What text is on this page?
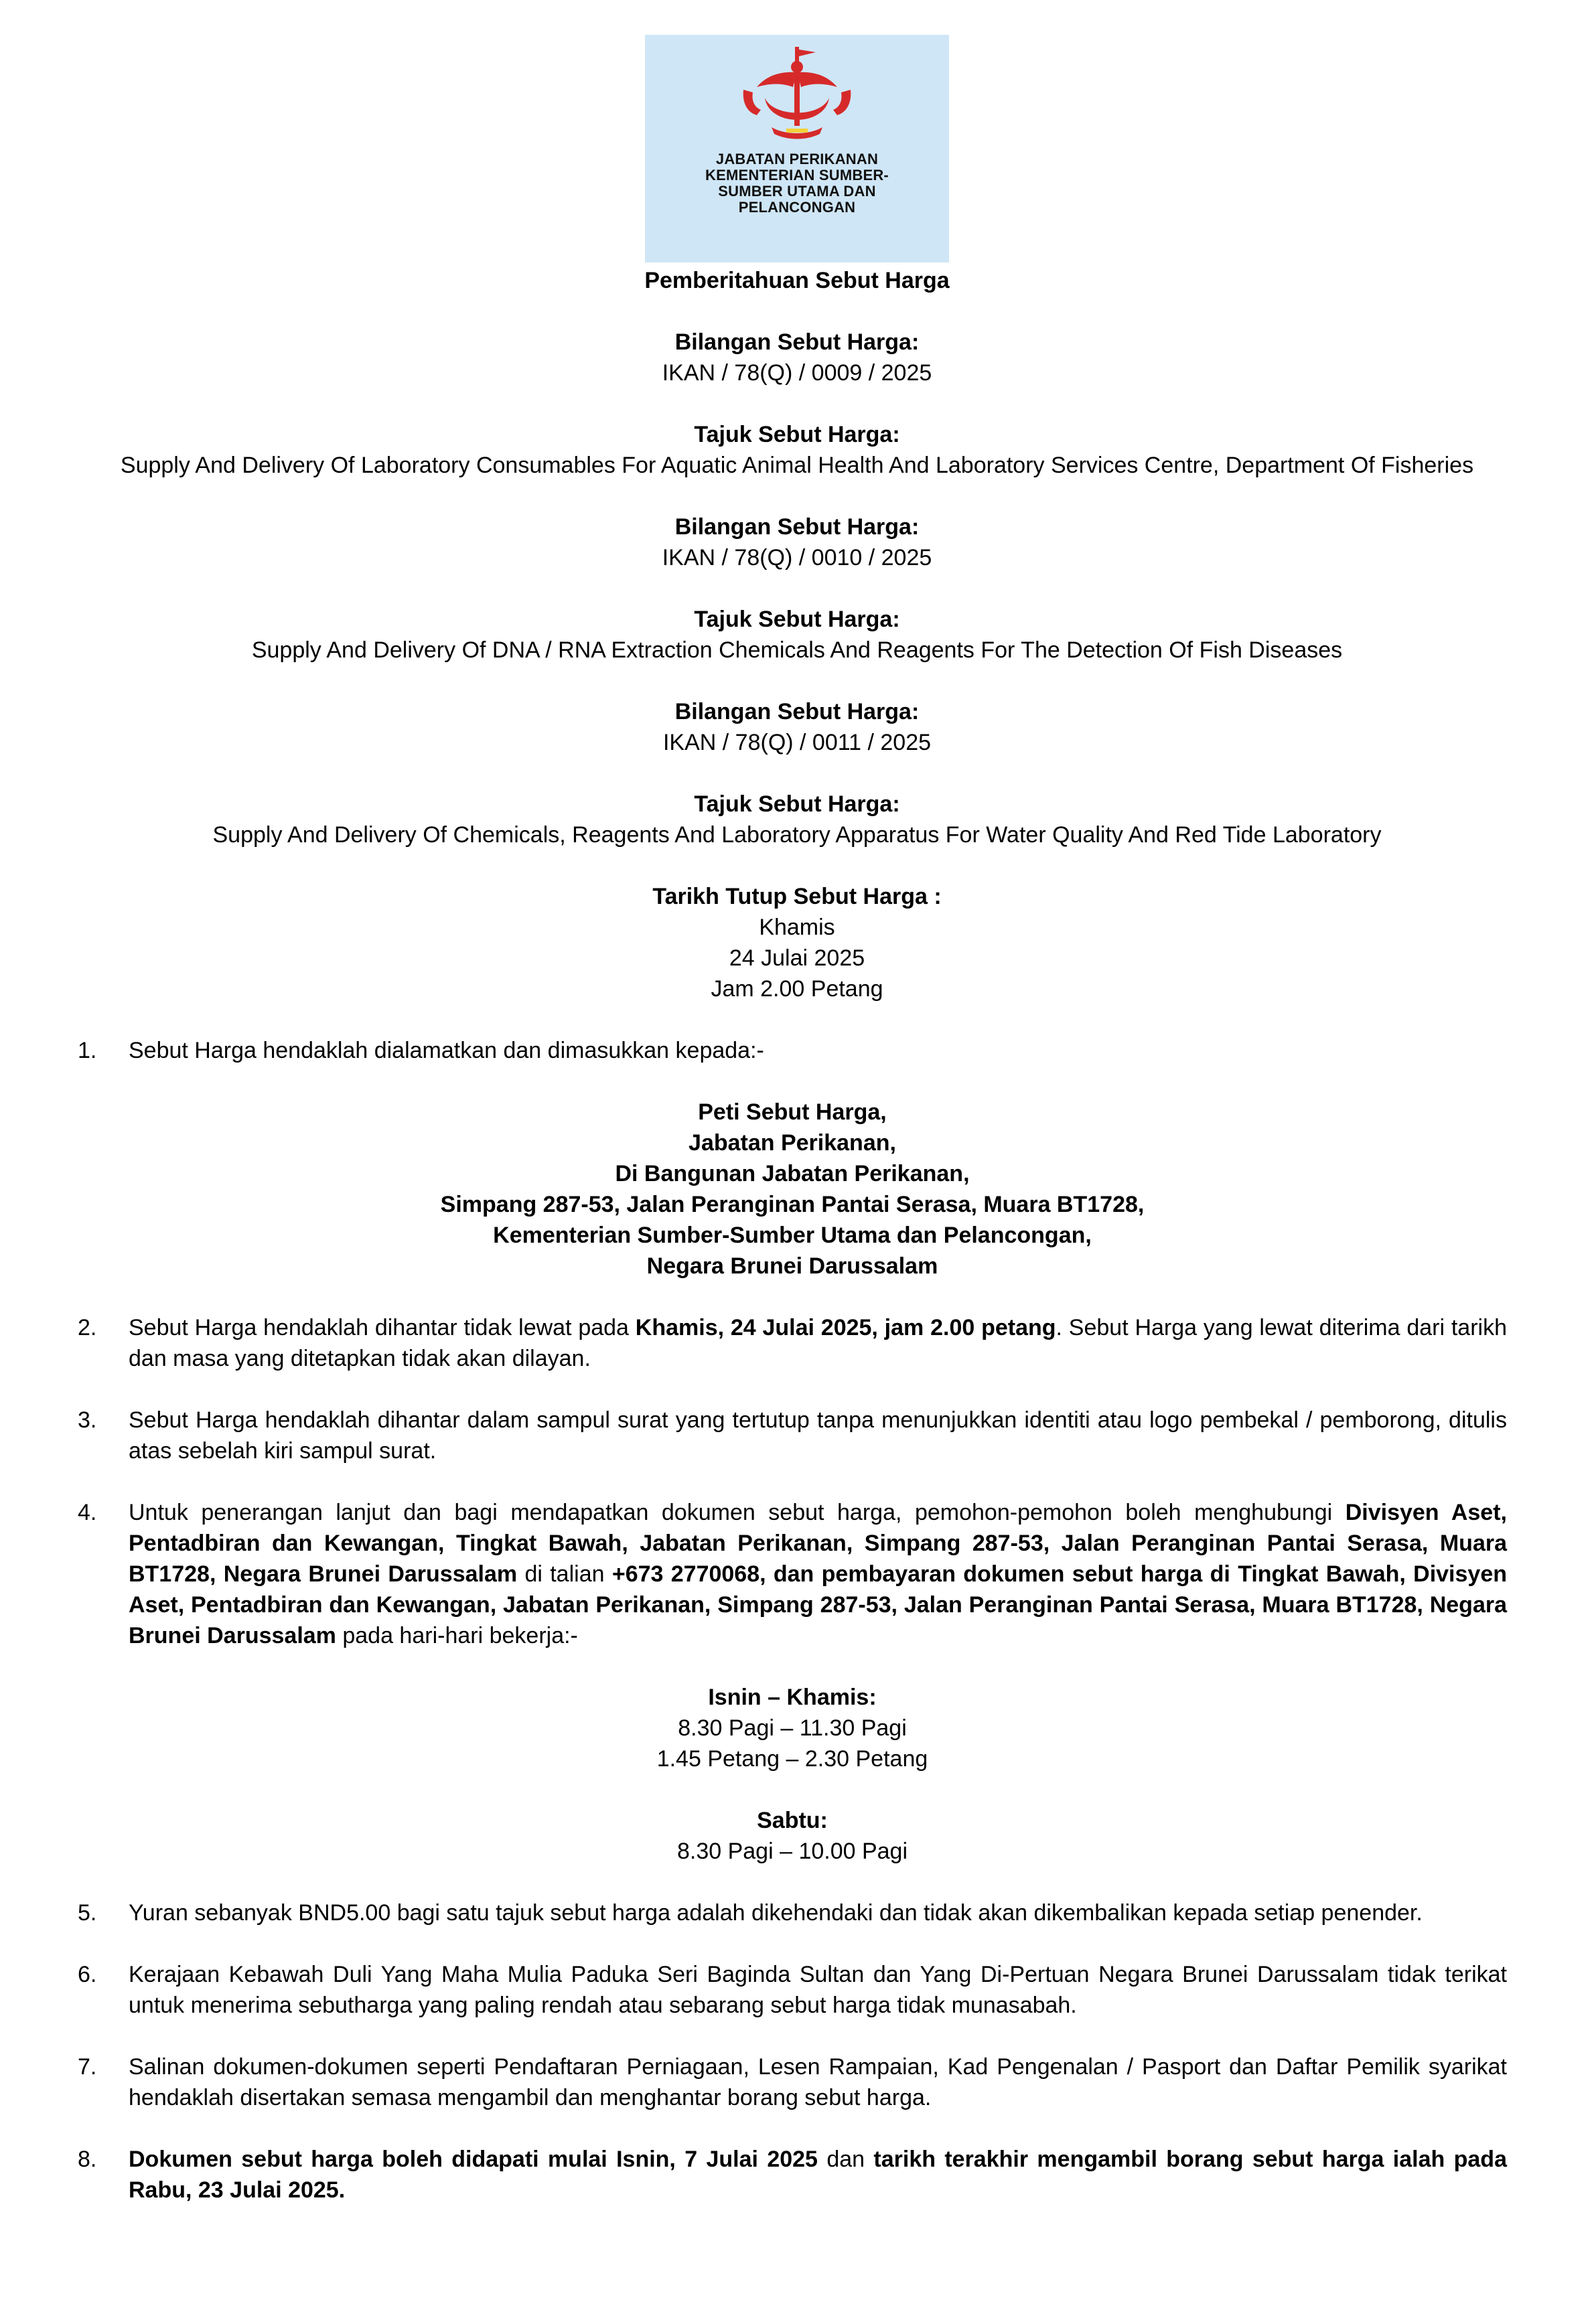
JABATAN PERIKANAN
KEMENTERIAN SUMBER-
SUMBER UTAMA DAN
PELANCONGAN
Pemberitahuan Sebut Harga
Bilangan Sebut Harga:
IKAN / 78(Q) / 0009 / 2025
Tajuk Sebut Harga:
Supply And Delivery Of Laboratory Consumables For Aquatic Animal Health And Laboratory Services Centre, Department Of Fisheries
Bilangan Sebut Harga:
IKAN / 78(Q) / 0010 / 2025
Tajuk Sebut Harga:
Supply And Delivery Of DNA / RNA Extraction Chemicals And Reagents For The Detection Of Fish Diseases
Bilangan Sebut Harga:
IKAN / 78(Q) / 0011 / 2025
Tajuk Sebut Harga:
Supply And Delivery Of Chemicals, Reagents And Laboratory Apparatus For Water Quality And Red Tide Laboratory
Tarikh Tutup Sebut Harga :
Khamis
24 Julai 2025
Jam 2.00 Petang
1.	Sebut Harga hendaklah dialamatkan dan dimasukkan kepada:-
Peti Sebut Harga,
Jabatan Perikanan,
Di Bangunan Jabatan Perikanan,
Simpang 287-53, Jalan Peranginan Pantai Serasa, Muara BT1728,
Kementerian Sumber-Sumber Utama dan Pelancongan,
Negara Brunei Darussalam
2.	Sebut Harga hendaklah dihantar tidak lewat pada Khamis, 24 Julai 2025, jam 2.00 petang. Sebut Harga yang lewat diterima dari tarikh dan masa yang ditetapkan tidak akan dilayan.
3.	Sebut Harga hendaklah dihantar dalam sampul surat yang tertutup tanpa menunjukkan identiti atau logo pembekal / pemborong, ditulis atas sebelah kiri sampul surat.
4.	Untuk penerangan lanjut dan bagi mendapatkan dokumen sebut harga, pemohon-pemohon boleh menghubungi Divisyen Aset, Pentadbiran dan Kewangan, Tingkat Bawah, Jabatan Perikanan, Simpang 287-53, Jalan Peranginan Pantai Serasa, Muara BT1728, Negara Brunei Darussalam di talian +673 2770068, dan pembayaran dokumen sebut harga di Tingkat Bawah, Divisyen Aset, Pentadbiran dan Kewangan, Jabatan Perikanan, Simpang 287-53, Jalan Peranginan Pantai Serasa, Muara BT1728, Negara Brunei Darussalam pada hari-hari bekerja:-
Isnin – Khamis:
8.30 Pagi – 11.30 Pagi
1.45 Petang – 2.30 Petang
Sabtu:
8.30 Pagi – 10.00 Pagi
5.	Yuran sebanyak BND5.00 bagi satu tajuk sebut harga adalah dikehendaki dan tidak akan dikembalikan kepada setiap penender.
6.	Kerajaan Kebawah Duli Yang Maha Mulia Paduka Seri Baginda Sultan dan Yang Di-Pertuan Negara Brunei Darussalam tidak terikat untuk menerima sebutharga yang paling rendah atau sebarang sebut harga tidak munasabah.
7.	Salinan dokumen-dokumen seperti Pendaftaran Perniagaan, Lesen Rampaian, Kad Pengenalan / Pasport dan Daftar Pemilik syarikat hendaklah disertakan semasa mengambil dan menghantar borang sebut harga.
8.	Dokumen sebut harga boleh didapati mulai Isnin, 7 Julai 2025 dan tarikh terakhir mengambil borang sebut harga ialah pada Rabu, 23 Julai 2025.
